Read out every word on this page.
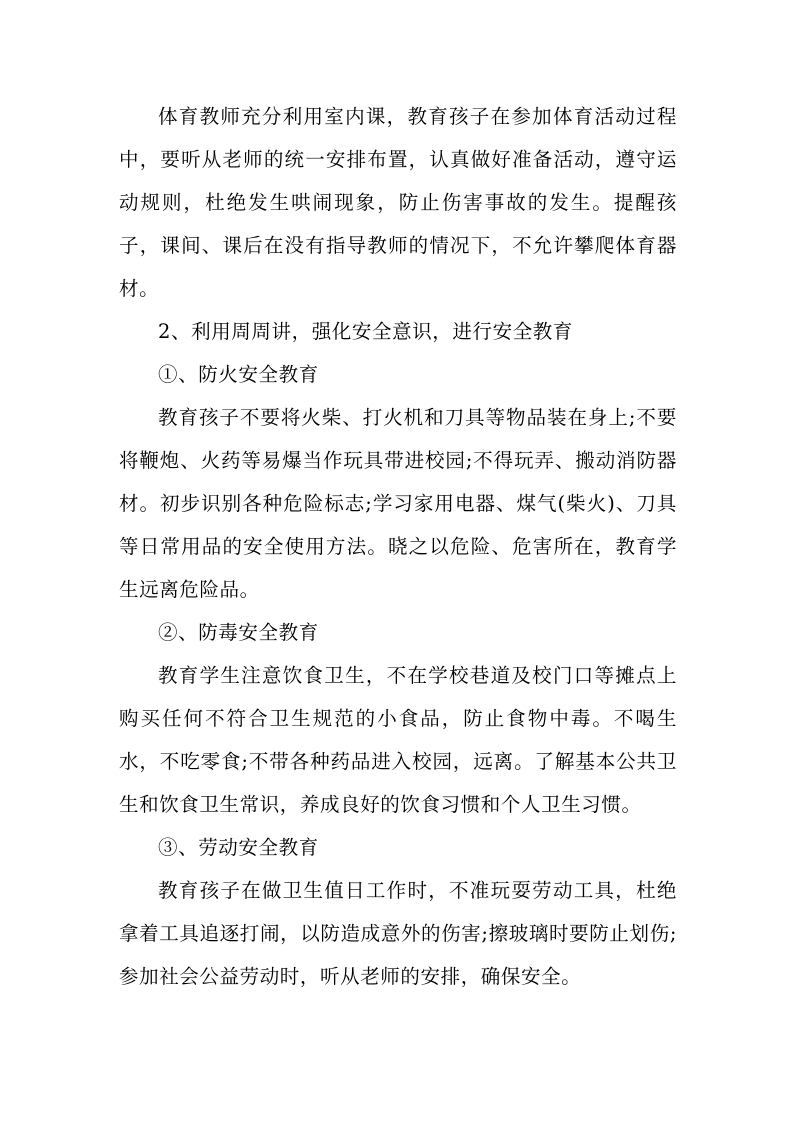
体育教师充分利用室内课，教育孩子在参加体育活动过程中，要听从老师的统一安排布置，认真做好准备活动，遵守运动规则，杜绝发生哄闹现象，防止伤害事故的发生。提醒孩子，课间、课后在没有指导教师的情况下，不允许攀爬体育器材。

2、利用周周讲，强化安全意识，进行安全教育

①、防火安全教育

教育孩子不要将火柴、打火机和刀具等物品装在身上;不要将鞭炮、火药等易爆当作玩具带进校园;不得玩弄、搬动消防器材。初步识别各种危险标志;学习家用电器、煤气(柴火)、刀具等日常用品的安全使用方法。晓之以危险、危害所在，教育学生远离危险品。

②、防毒安全教育

教育学生注意饮食卫生，不在学校巷道及校门口等摊点上购买任何不符合卫生规范的小食品，防止食物中毒。不喝生水，不吃零食;不带各种药品进入校园，远离。了解基本公共卫生和饮食卫生常识，养成良好的饮食习惯和个人卫生习惯。

③、劳动安全教育

教育孩子在做卫生值日工作时，不准玩耍劳动工具，杜绝拿着工具追逐打闹，以防造成意外的伤害;擦玻璃时要防止划伤;参加社会公益劳动时，听从老师的安排，确保安全。
